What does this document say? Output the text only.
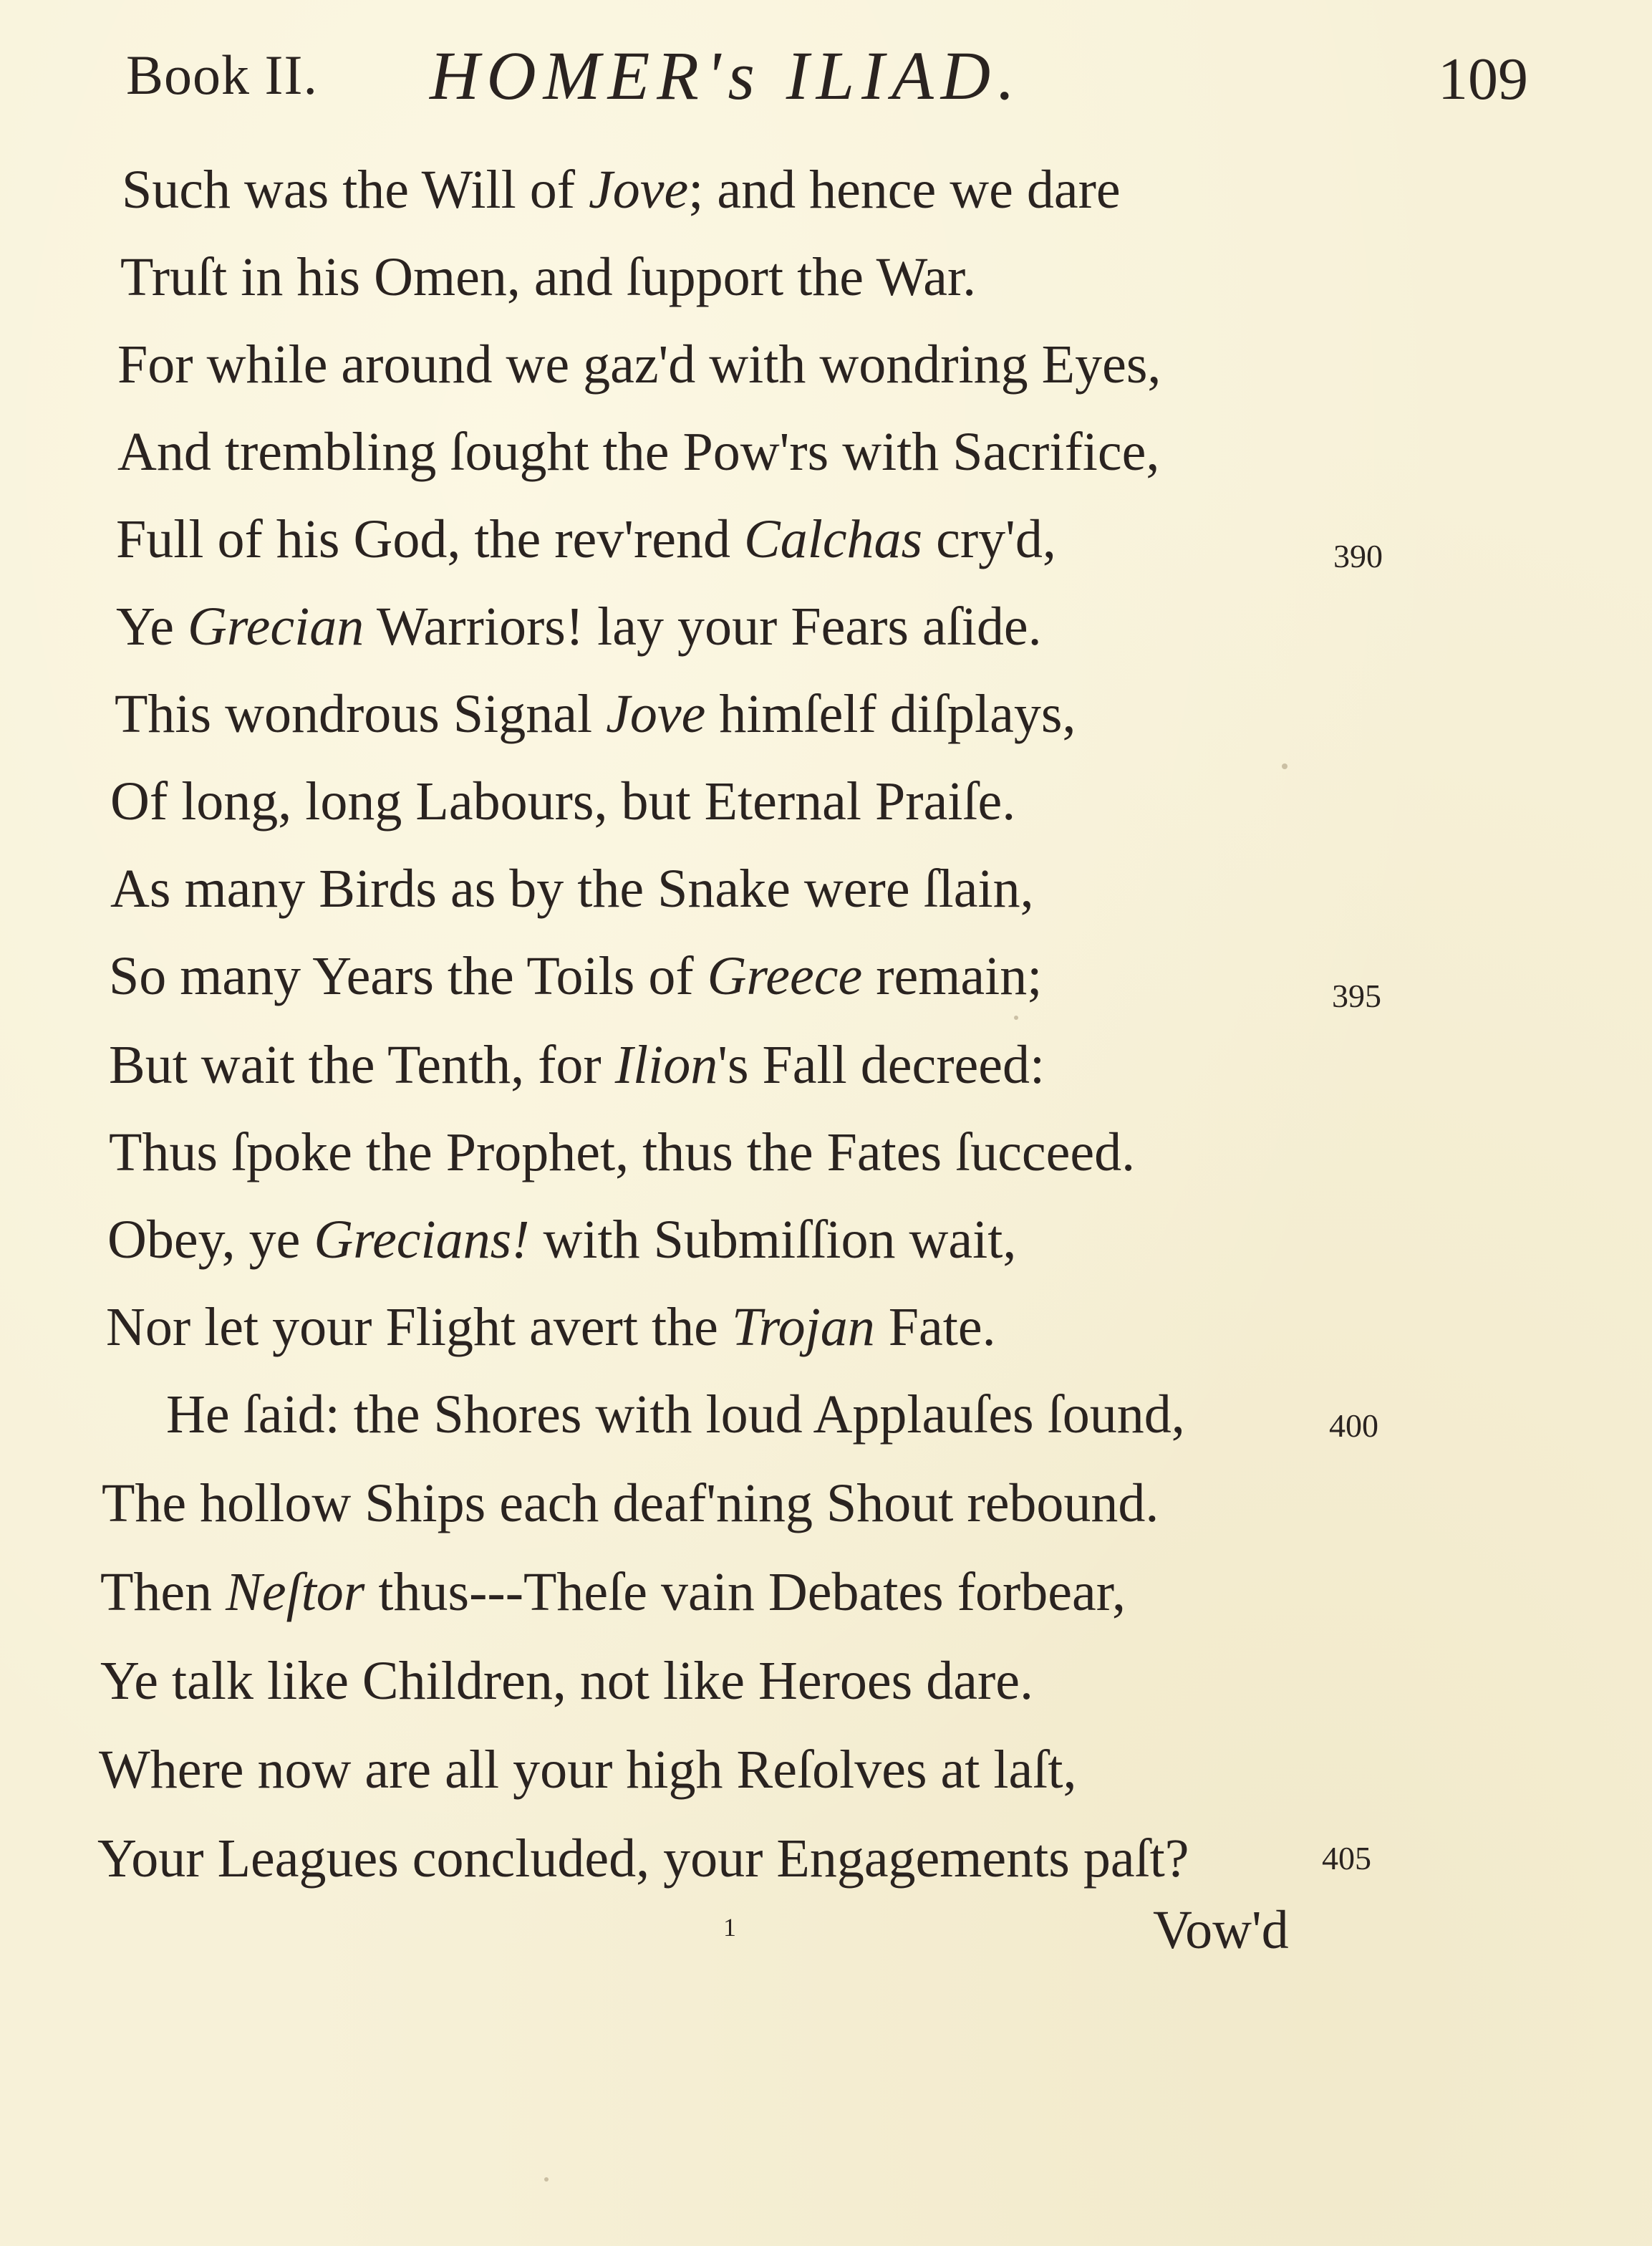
Book II. HOMER's ILIAD.	109
Such was the Will of Jove; and hence we dare
Truſt in his Omen, and ſupport the War.
For while around we gaz'd with wondring Eyes,
And trembling ſought the Pow'rs with Sacrifice,
Full of his God, the rev'rend Calchas cry'd,
Ye Grecian Warriors! lay your Fears aſide.
This wondrous Signal Jove himſelf diſplays,
Of long, long Labours, but Eternal Praiſe.
As many Birds as by the Snake were ſlain,
So many Years the Toils of Greece remain;
But wait the Tenth, for Ilion's Fall decreed:
Thus ſpoke the Prophet, thus the Fates ſucceed.
Obey, ye Grecians! with Submiſſion wait,
Nor let your Flight avert the Trojan Fate.
He ſaid: the Shores with loud Applauſes ſound,
The hollow Ships each deaf'ning Shout rebound.
Then Neſtor thus---Theſe vain Debates forbear,
Ye talk like Children, not like Heroes dare.
Where now are all your high Reſolves at laſt,
Your Leagues concluded, your Engagements paſt?
390
395
400
405
1	Vow'd
